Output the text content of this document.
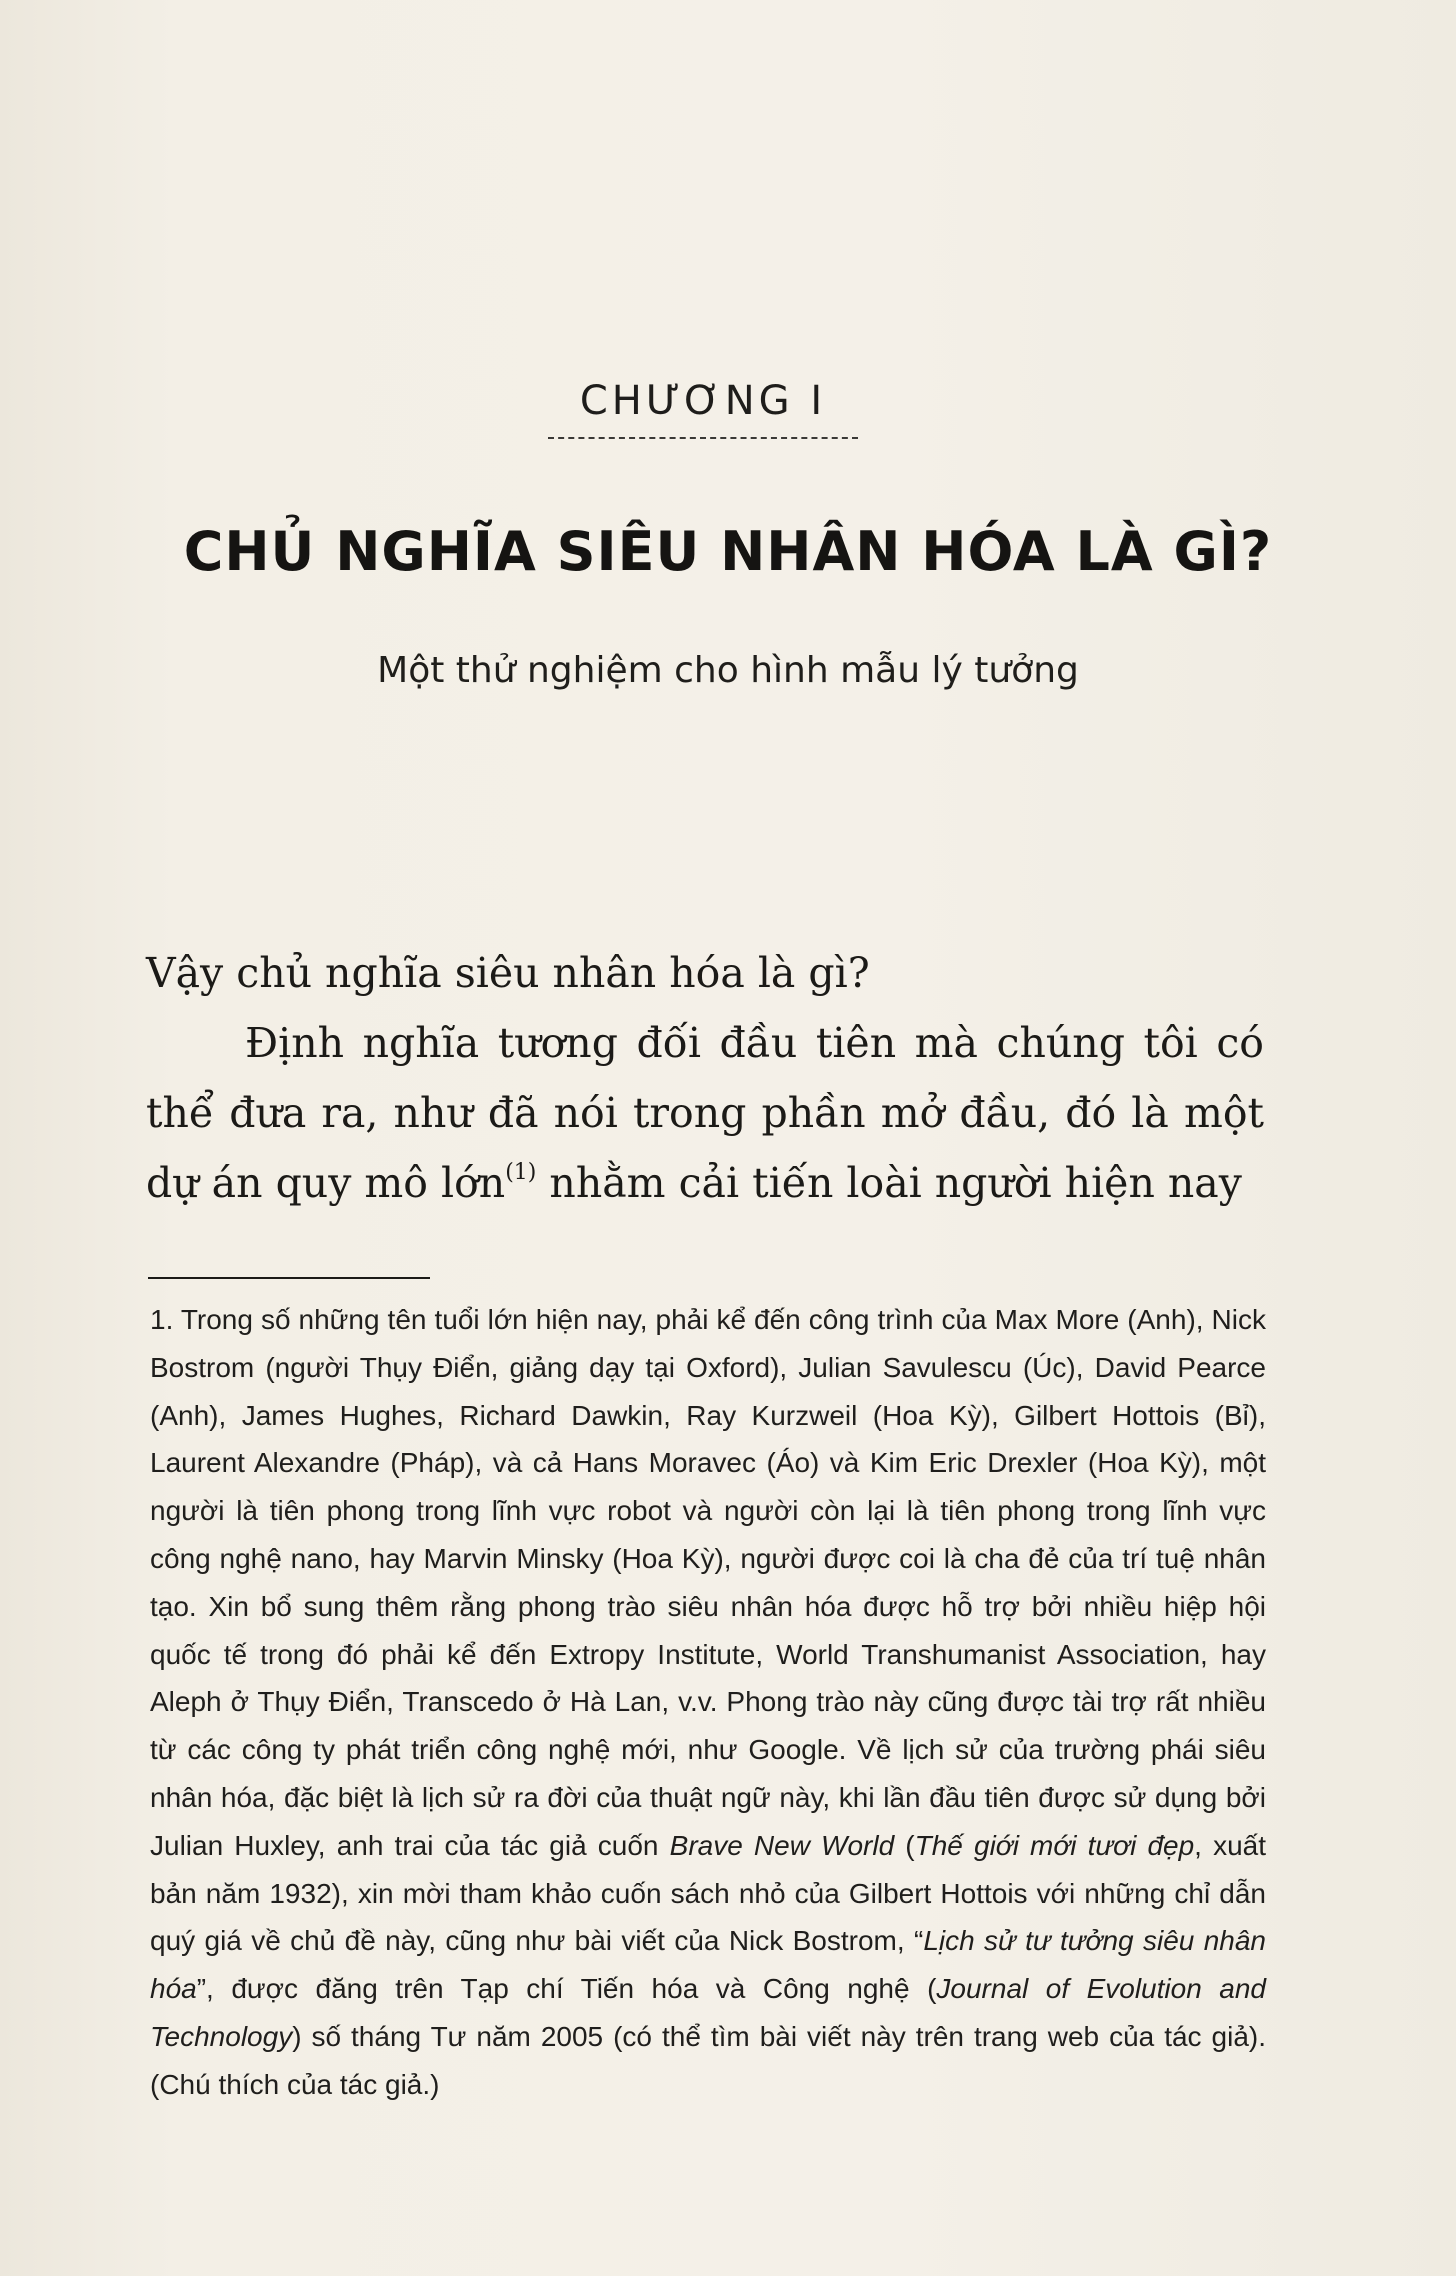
CHƯƠNG I
CHỦ NGHĨA SIÊU NHÂN HÓA LÀ GÌ?
Một thử nghiệm cho hình mẫu lý tưởng

Vậy chủ nghĩa siêu nhân hóa là gì?

Định nghĩa tương đối đầu tiên mà chúng tôi có thể đưa ra, như đã nói trong phần mở đầu, đó là một dự án quy mô lớn$^{(1)}$ nhằm cải tiến loài người hiện nay

1. Trong số những tên tuổi lớn hiện nay, phải kể đến công trình của Max More (Anh), Nick Bostrom (người Thụy Điển, giảng dạy tại Oxford), Julian Savulescu (Úc), David Pearce (Anh), James Hughes, Richard Dawkin, Ray Kurzweil (Hoa Kỳ), Gilbert Hottois (Bỉ), Laurent Alexandre (Pháp), và cả Hans Moravec (Áo) và Kim Eric Drexler (Hoa Kỳ), một người là tiên phong trong lĩnh vực robot và người còn lại là tiên phong trong lĩnh vực công nghệ nano, hay Marvin Minsky (Hoa Kỳ), người được coi là cha đẻ của trí tuệ nhân tạo. Xin bổ sung thêm rằng phong trào siêu nhân hóa được hỗ trợ bởi nhiều hiệp hội quốc tế trong đó phải kể đến Extropy Institute, World Transhumanist Association, hay Aleph ở Thụy Điển, Transcedo ở Hà Lan, v.v. Phong trào này cũng được tài trợ rất nhiều từ các công ty phát triển công nghệ mới, như Google. Về lịch sử của trường phái siêu nhân hóa, đặc biệt là lịch sử ra đời của thuật ngữ này, khi lần đầu tiên được sử dụng bởi Julian Huxley, anh trai của tác giả cuốn Brave New World (Thế giới mới tươi đẹp, xuất bản năm 1932), xin mời tham khảo cuốn sách nhỏ của Gilbert Hottois với những chỉ dẫn quý giá về chủ đề này, cũng như bài viết của Nick Bostrom, “Lịch sử tư tưởng siêu nhân hóa”, được đăng trên Tạp chí Tiến hóa và Công nghệ (Journal of Evolution and Technology) số tháng Tư năm 2005 (có thể tìm bài viết này trên trang web của tác giả). (Chú thích của tác giả.)
